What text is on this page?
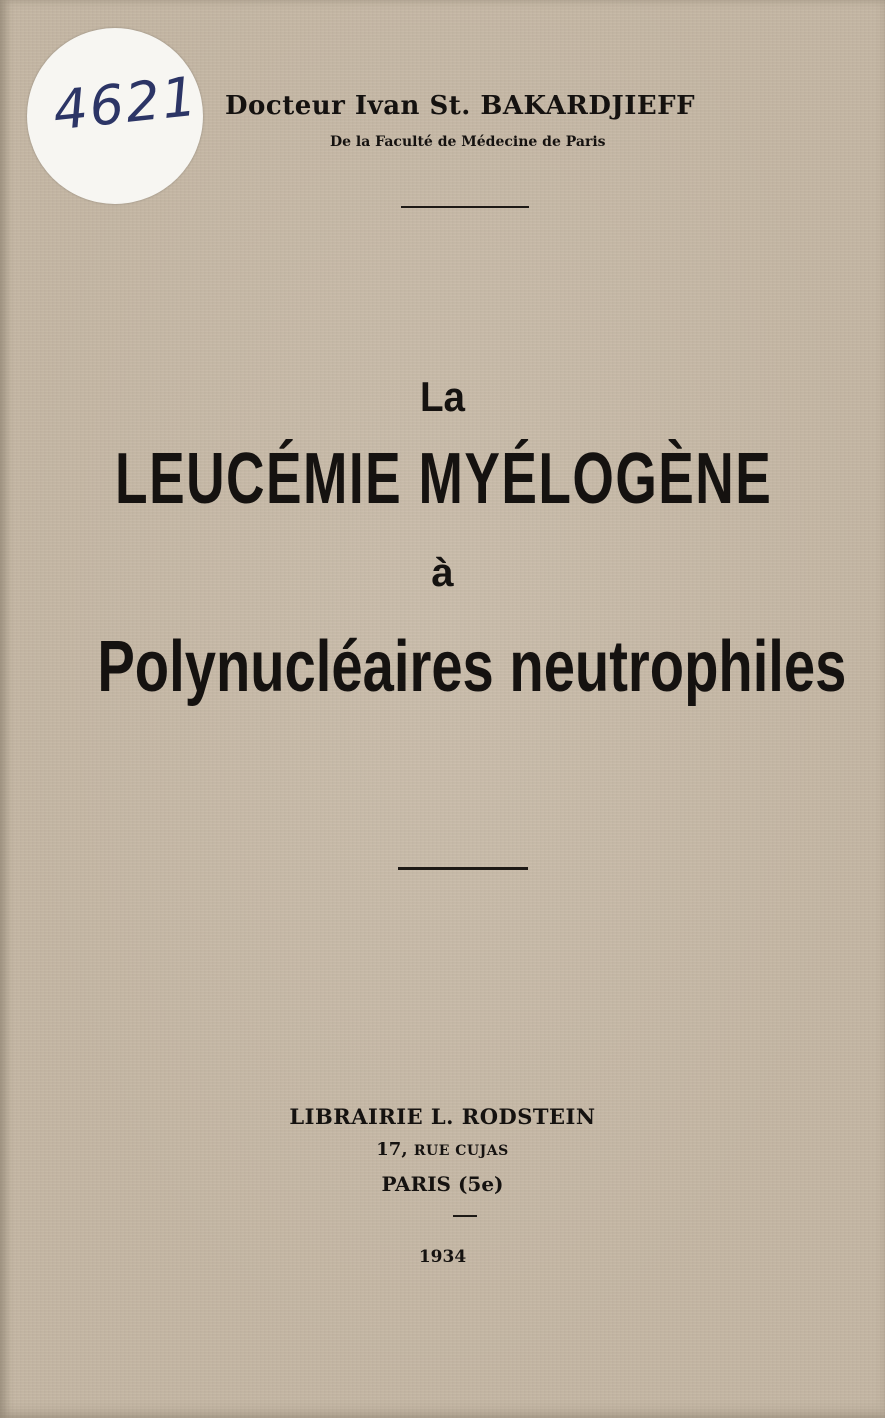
4621 Docteur Ivan St. BAKARDJIEFF
De la Faculté de Médecine de Paris
La
LEUCÉMIE MYÉLOGÈNE
à
Polynucléaires neutrophiles
LIBRAIRIE L. RODSTEIN
17, RUE CUJAS
PARIS (5e)
1934
